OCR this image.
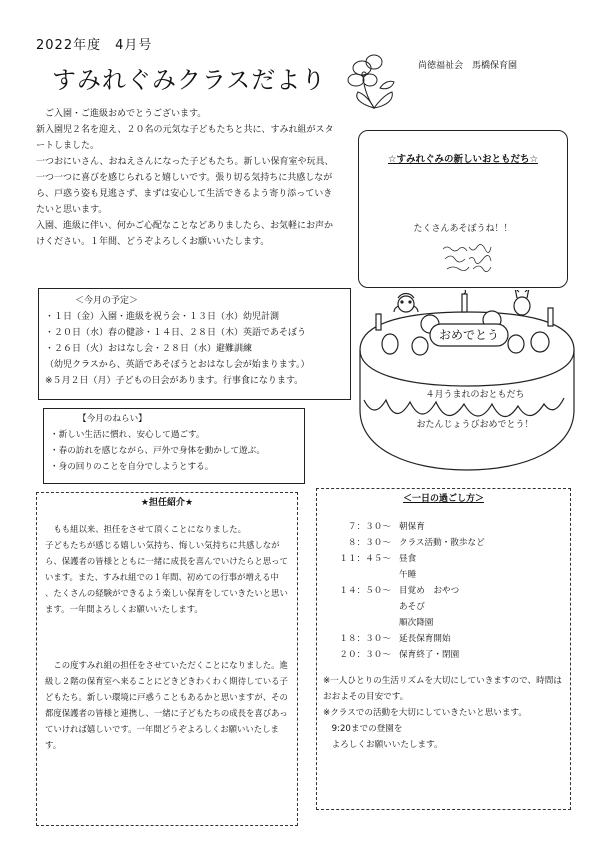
2022年度　4月号
すみれぐみクラスだより	尚徳福祉会　馬橋保育園

　ご入園・ご進級おめでとうございます。

新入園児２名を迎え、２０名の元気な子どもたちと共に、すみれ組がスタートしました。

一つおにいさん、おねえさんになった子どもたち。新しい保育室や玩具、一つ一つに喜びを感じられると嬉しいです。張り切る気持ちに共感しながら、戸惑う姿も見逃さず、まずは安心して生活できるよう寄り添っていきたいと思います。

入園、進級に伴い、何かご心配なことなどありましたら、お気軽にお声かけください。１年間、どうぞよろしくお願いいたします。

☆すみれぐみの新しいおともだち☆
たくさんあそぼうね！！
＜今月の予定＞
・１日（金）入園・進級を祝う会・１３日（水）幼児計測
・２０日（水）春の健診・１４日、２８日（木）英語であそぼう
・２６日（火）おはなし会・２８日（水）避難訓練
（幼児クラスから、英語であそぼうとおはなし会が始まります。）
※５月２日（月）子どもの日会があります。行事食になります。
【今月のねらい】
・新しい生活に慣れ、安心して過ごす。
・春の訪れを感じながら、戸外で身体を動かして遊ぶ。
・身の回りのことを自分でしようとする。
おめでとう
４月うまれのおともだち
おたんじょうびおめでとう！
★担任紹介★

　もも組以来、担任をさせて頂くことになりました。

子どもたちが感じる嬉しい気持ち、悔しい気持ちに共感しながら、保護者の皆様とともに一緒に成長を喜んでいけたらと思っています。また、すみれ組での１年間、初めての行事が増える中

、たくさんの経験ができるよう楽しい保育をしていきたいと思います。一年間よろしくお願いいたします。

　この度すみれ組の担任をさせていただくことになりました。進級し２階の保育室へ来ることにどきどきわくわく期待している子どもたち。新しい環境に戸惑うこともあるかと思いますが、その都度保護者の皆様と連携し、一緒に子どもたちの成長を喜びあっていければ嬉しいです。一年間どうぞよろしくお願いいたします。

＜一日の過ごし方＞
７：３０～ 朝保育
８：３０～ クラス活動・散歩など
１１：４５～ 昼食
午睡
１４：５０～ 目覚め　おやつ
あそび
順次降園
１８：３０～ 延長保育開始
２０：３０～ 保育終了・閉園
※一人ひとりの生活リズムを大切にしていきますので、時間はおおよその目安です。
※クラスでの活動を大切にしていきたいと思います。
　9:20までの登園を
　よろしくお願いいたします。
